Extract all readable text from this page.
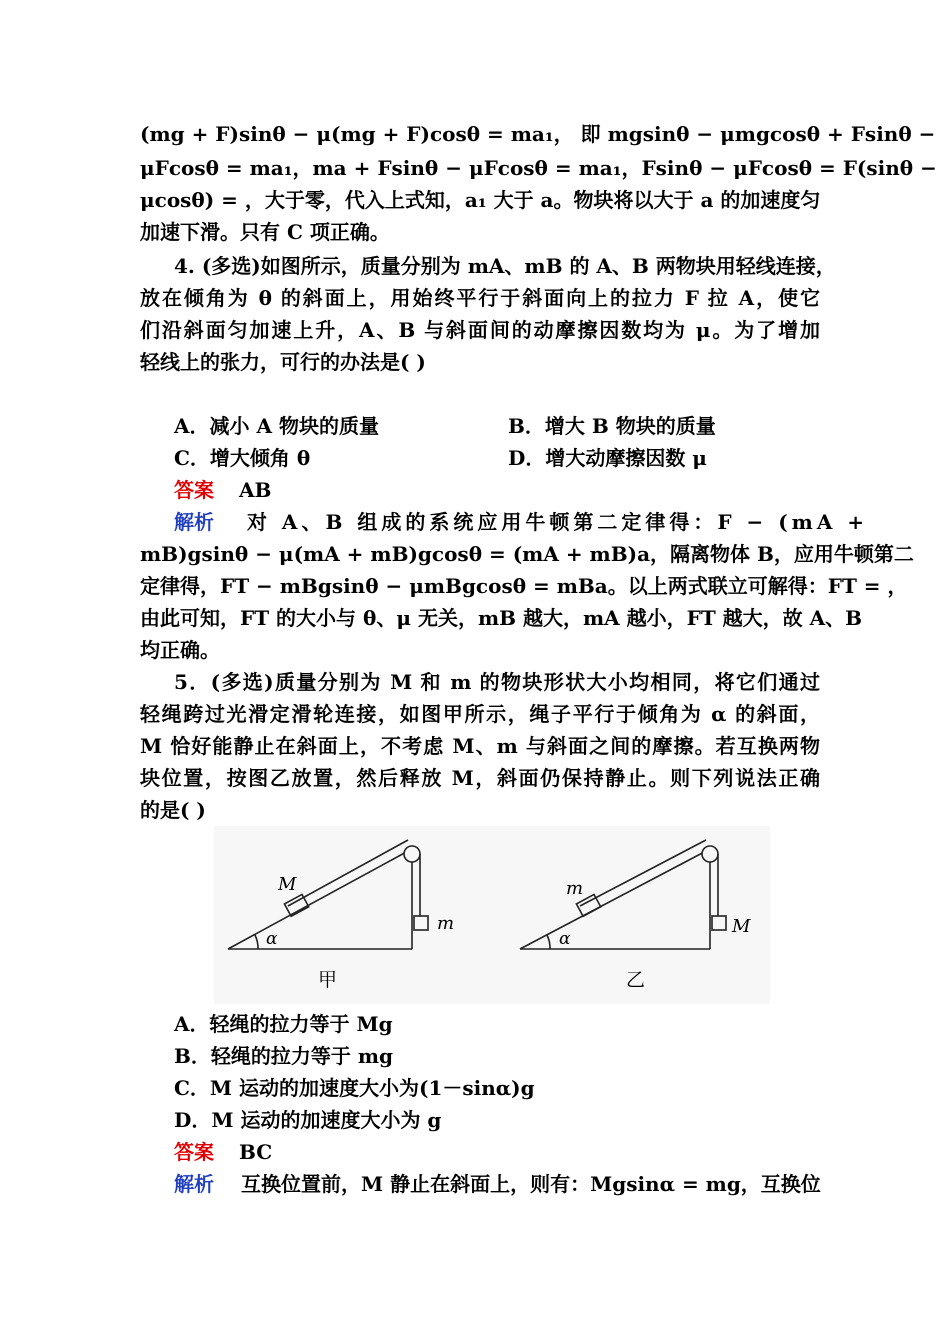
(mg + F)sinθ − μ(mg + F)cosθ = ma₁， 即 mgsinθ − μmgcosθ + Fsinθ −
μFcosθ = ma₁，ma + Fsinθ − μFcosθ = ma₁，Fsinθ − μFcosθ = F(sinθ −
μcosθ) = ，大于零，代入上式知，a₁ 大于 a。物块将以大于 a 的加速度匀
加速下滑。只有 C 项正确。
4. (多选)如图所示，质量分别为 mA、mB 的 A、B 两物块用轻线连接，
放在倾角为 θ 的斜面上，用始终平行于斜面向上的拉力 F 拉 A，使它
们沿斜面匀加速上升，A、B 与斜面间的动摩擦因数均为 μ。为了增加
轻线上的张力，可行的办法是( )
A．减小 A 物块的质量	B．增大 B 物块的质量
C．增大倾角 θ	D．增大动摩擦因数 μ
答案 AB
解析 对 A、B 组成的系统应用牛顿第二定律得：F − (mA +
mB)gsinθ − μ(mA + mB)gcosθ = (mA + mB)a，隔离物体 B，应用牛顿第二
定律得，FT − mBgsinθ − μmBgcosθ = mBa。以上两式联立可解得：FT = ，
由此可知，FT 的大小与 θ、μ 无关，mB 越大，mA 越小，FT 越大，故 A、B
均正确。
5．(多选)质量分别为 M 和 m 的物块形状大小均相同，将它们通过
轻绳跨过光滑定滑轮连接，如图甲所示，绳子平行于倾角为 α 的斜面，
M 恰好能静止在斜面上，不考虑 M、m 与斜面之间的摩擦。若互换两物
块位置，按图乙放置，然后释放 M，斜面仍保持静止。则下列说法正确
的是( )
M
m
α
甲
m
M
α
乙
A．轻绳的拉力等于 Mg
B．轻绳的拉力等于 mg
C．M 运动的加速度大小为(1－sinα)g
D．M 运动的加速度大小为 g
答案 BC
解析 互换位置前，M 静止在斜面上，则有：Mgsinα = mg，互换位
